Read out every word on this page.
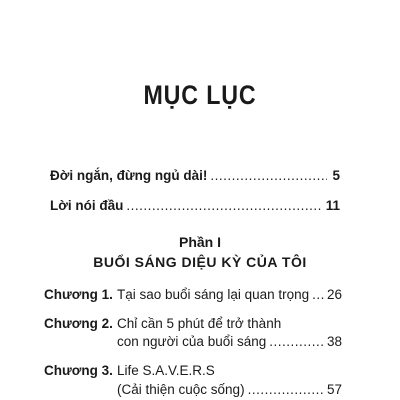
MỤC LỤC
Đời ngắn, đừng ngủ dài! .....	5
Lời nói đầu .....	11
Phần I
BUỔI SÁNG DIỆU KỲ CỦA TÔI
Chương 1. Tại sao buổi sáng lại quan trọng ..... 26
Chương 2. Chỉ cần 5 phút để trở thành
con người của buổi sáng .....	38
Chương 3. Life S.A.V.E.R.S
(Cải thiện cuộc sống) .....	57
